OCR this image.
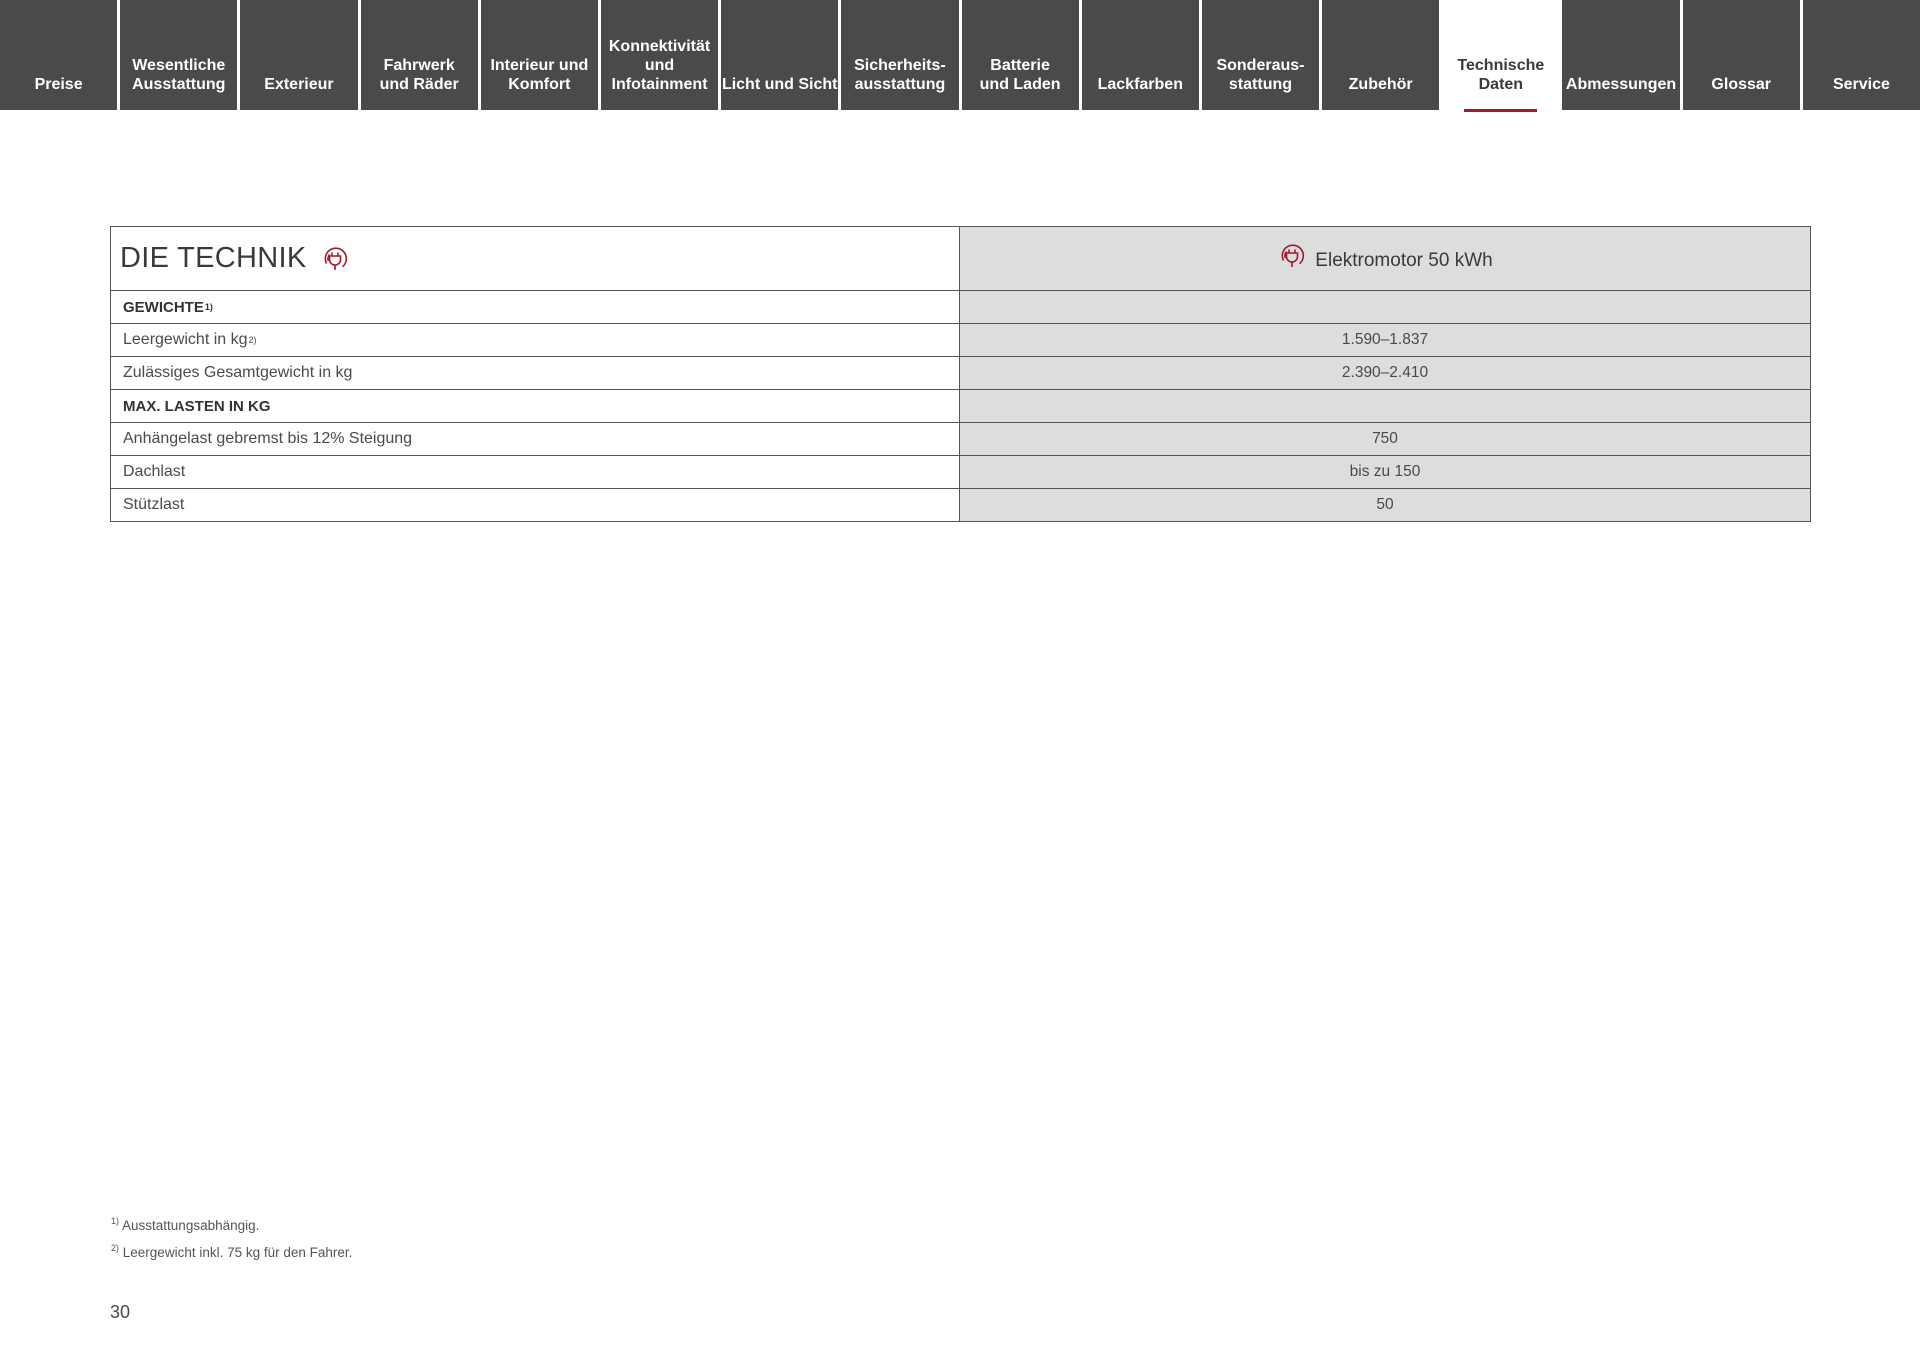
Preise
Wesentliche
Ausstattung Exterieur
Fahrwerk
und Räder
Interieur und
Komfort
Konnektivität
und
Infotainment Licht und Sicht
Sicherheits-
ausstattung
Batterie
und Laden Lackfarben
Sonderaus-
stattung	Zubehör
Technische
Daten	Abmessungen Glossar	Service
DIE TECHNIK	Elektromotor 50 kWh
GEWICHTE 1)
Leergewicht in kg 2)	1.590–1.837
Zulässiges Gesamtgewicht in kg	2.390–2.410
MAX. LASTEN IN KG
Anhängelast gebremst bis 12% Steigung	750
Dachlast	bis zu 150
Stützlast	50
$^{1)}$ Ausstattungsabhängig.
$^{2)}$ Leergewicht inkl. 75 kg für den Fahrer.
30
